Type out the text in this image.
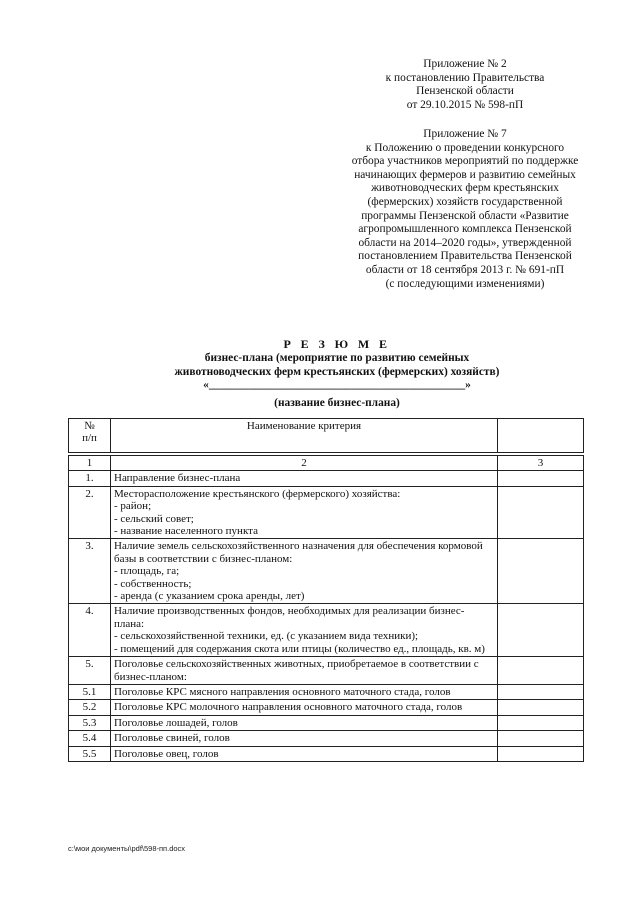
Приложение № 2
к постановлению Правительства
Пензенской области
от 29.10.2015 № 598-пП
Приложение № 7
к Положению о проведении конкурсного
отбора участников мероприятий по поддержке
начинающих фермеров и развитию семейных
животноводческих ферм крестьянских
(фермерских) хозяйств государственной
программы Пензенской области «Развитие
агропромышленного комплекса Пензенской
области на 2014–2020 годы», утвержденной
постановлением Правительства Пензенской
области от 18 сентября 2013 г. № 691-пП
(с последующими изменениями)
Р Е З Ю М Е
бизнес-плана (мероприятие по развитию семейных
животноводческих ферм крестьянских (фермерских) хозяйств)
«_____________________________________________»
(название бизнес-плана)
№
п/п	Наименование критерия	
1	2	3
1.	Направление бизнес-плана	

2.	Месторасположение крестьянского (фермерского) хозяйства:
- район;
- сельский совет;
- название населенного пункта	

3.	Наличие земель сельскохозяйственного назначения для обеспечения кормовой базы в соответствии с бизнес-планом:
- площадь, га;
- собственность;
- аренда (с указанием срока аренды, лет)	

4.	Наличие производственных фондов, необходимых для реализации бизнес-плана:
- сельскохозяйственной техники, ед. (с указанием вида техники);
- помещений для содержания скота или птицы (количество ед., площадь, кв. м)	

5.	Поголовье сельскохозяйственных животных, приобретаемое в соответствии с бизнес-планом:	

5.1	Поголовье КРС мясного направления основного маточного стада, голов	

5.2	Поголовье КРС молочного направления основного маточного стада, голов	

5.3	Поголовье лошадей, голов	

5.4	Поголовье свиней, голов	

5.5	Поголовье овец, голов	

c:\мои документы\pdf\598-пп.docx
